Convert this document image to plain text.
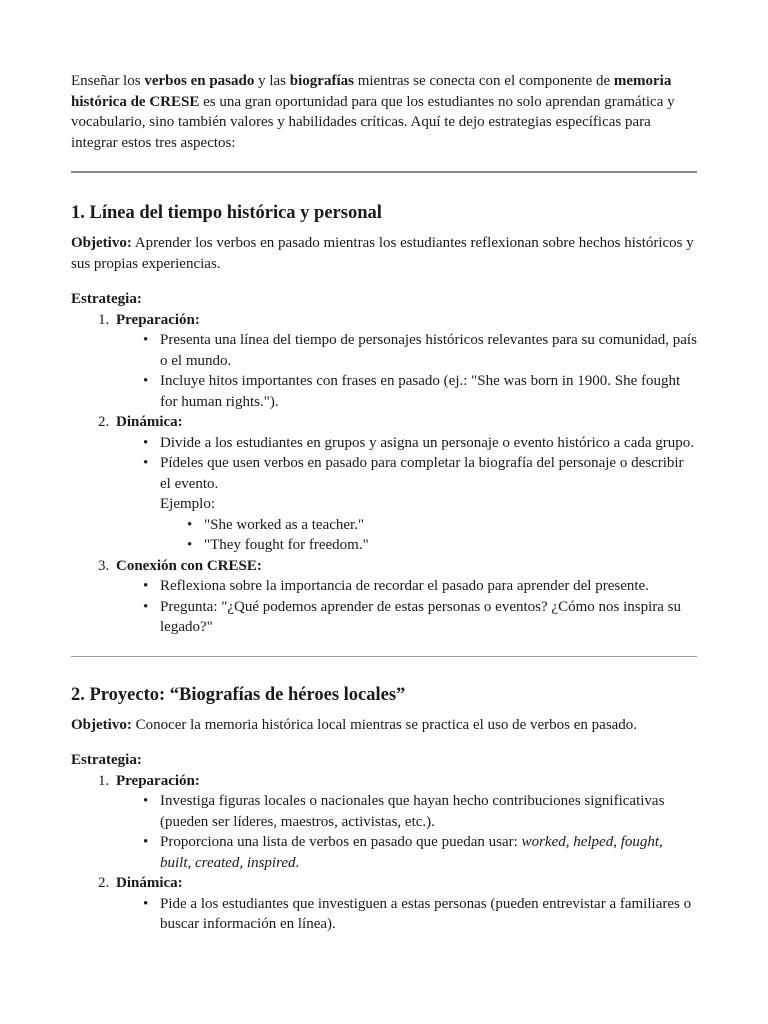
Enseñar los verbos en pasado y las biografías mientras se conecta con el componente de memoria histórica de CRESE es una gran oportunidad para que los estudiantes no solo aprendan gramática y vocabulario, sino también valores y habilidades críticas. Aquí te dejo estrategias específicas para integrar estos tres aspectos:

1. Línea del tiempo histórica y personal

Objetivo: Aprender los verbos en pasado mientras los estudiantes reflexionan sobre hechos históricos y sus propias experiencias.

Estrategia:

1. Preparación:
• Presenta una línea del tiempo de personajes históricos relevantes para su comunidad, país o el mundo.
• Incluye hitos importantes con frases en pasado (ej.: "She was born in 1900. She fought for human rights.").
2. Dinámica:
• Divide a los estudiantes en grupos y asigna un personaje o evento histórico a cada grupo.
• Pídeles que usen verbos en pasado para completar la biografía del personaje o describir el evento.
Ejemplo:
• "She worked as a teacher."
• "They fought for freedom."
3. Conexión con CRESE:
• Reflexiona sobre la importancia de recordar el pasado para aprender del presente.
• Pregunta: "¿Qué podemos aprender de estas personas o eventos? ¿Cómo nos inspira su legado?"
2. Proyecto: “Biografías de héroes locales”

Objetivo: Conocer la memoria histórica local mientras se practica el uso de verbos en pasado.

Estrategia:

1. Preparación:
• Investiga figuras locales o nacionales que hayan hecho contribuciones significativas (pueden ser líderes, maestros, activistas, etc.).
• Proporciona una lista de verbos en pasado que puedan usar: worked, helped, fought, built, created, inspired.
2. Dinámica:
• Pide a los estudiantes que investiguen a estas personas (pueden entrevistar a familiares o buscar información en línea).
